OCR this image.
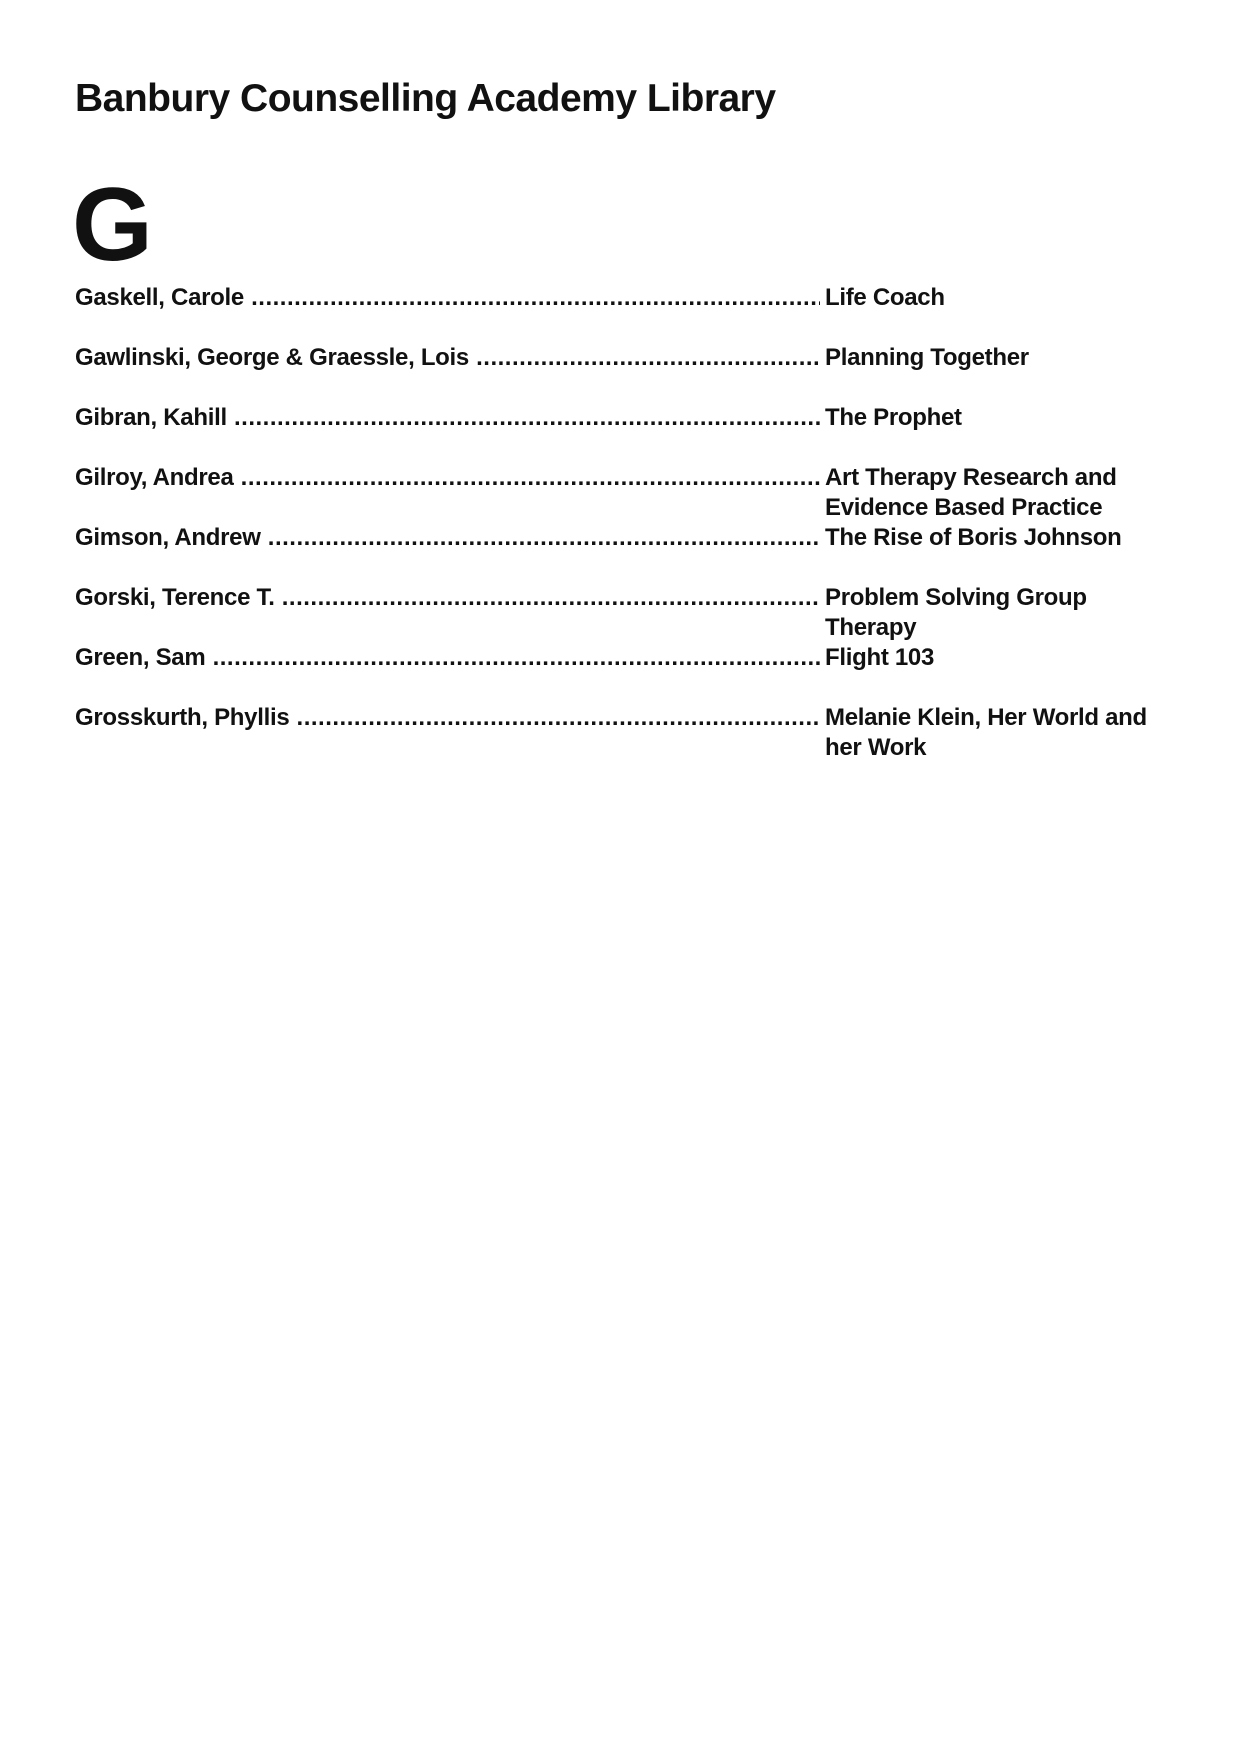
Banbury Counselling Academy Library
G
Gaskell, Carole .....	Life Coach
Gawlinski, George & Graessle, Lois .....	Planning Together
Gibran, Kahill .....	The Prophet
Gilroy, Andrea .....	Art Therapy Research and Evidence Based Practice
Gimson, Andrew .....	The Rise of Boris Johnson
Gorski, Terence T. .....	Problem Solving Group Therapy
Green, Sam .....	Flight 103
Grosskurth, Phyllis .....	Melanie Klein, Her World and her Work
